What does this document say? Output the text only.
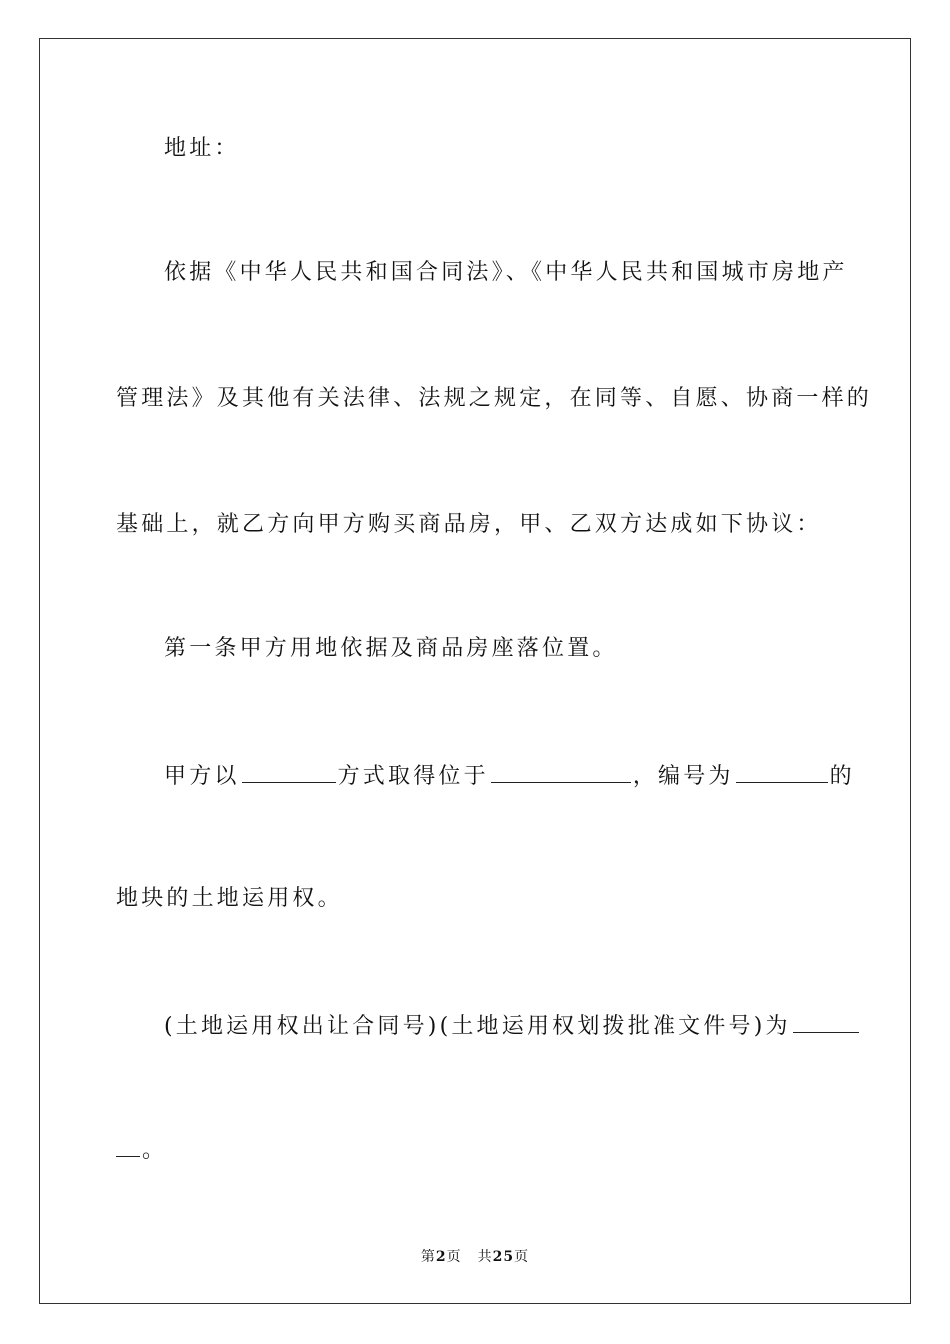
地址：
依据《中华人民共和国合同法》、《中华人民共和国城市房地产
管理法》及其他有关法律、法规之规定，在同等、自愿、协商一样的
基础上，就乙方向甲方购买商品房，甲、乙双方达成如下协议：
第一条甲方用地依据及商品房座落位置。
甲方以	方式取得位于	，编号为	的
地块的土地运用权。
(土地运用权出让合同号)(土地运用权划拨批准文件号)为
。
第2页 共25页
